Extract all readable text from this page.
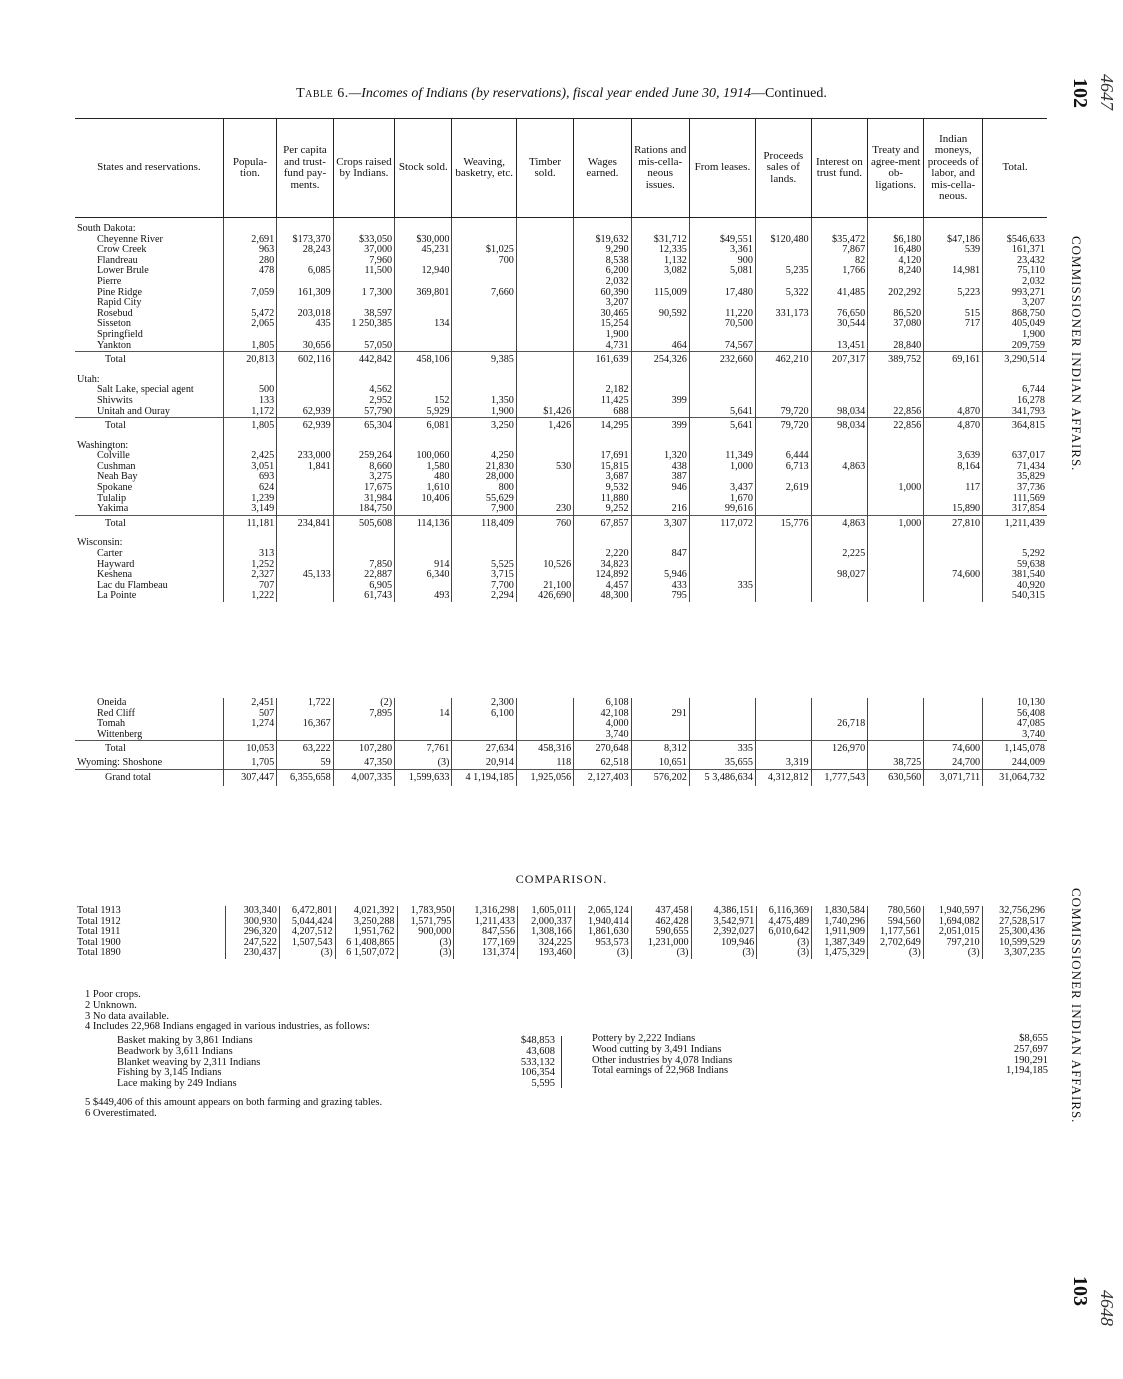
Table 6.—Incomes of Indians (by reservations), fiscal year ended June 30, 1914—Continued.	102
103
COMMISSIONER INDIAN AFFAIRS.
COMMISSIONER INDIAN AFFAIRS.
4647
4648
States and reservations.	Popula-tion.	Per capita and trust-fund pay-ments.	Crops raised by Indians.	Stock sold.	Weaving, basketry, etc.	Timber sold.	Wages earned.	Rations and mis-cella-neous issues.	From leases.	Proceeds sales of lands.	Interest on trust fund.	Treaty and agree-ment ob-ligations.	Indian moneys, proceeds of labor, and mis-cella-neous.	Total.
South Dakota:														
Cheyenne River	2,691	$173,370	$33,050	$30,000			$19,632	$31,712	$49,551	$120,480	$35,472	$6,180	$47,186	$546,633
Crow Creek	963	28,243	37,000	45,231	$1,025		9,290	12,335	3,361		7,867	16,480	539	161,371
Flandreau	280		7,960		700		8,538	1,132	900		82	4,120		23,432
Lower Brule	478	6,085	11,500	12,940			6,200	3,082	5,081	5,235	1,766	8,240	14,981	75,110
Pierre							2,032							2,032
Pine Ridge	7,059	161,309	1 7,300	369,801	7,660		60,390	115,009	17,480	5,322	41,485	202,292	5,223	993,271
Rapid City							3,207							3,207
Rosebud	5,472	203,018	38,597				30,465	90,592	11,220	331,173	76,650	86,520	515	868,750
Sisseton	2,065	435	1 250,385	134			15,254		70,500		30,544	37,080	717	405,049
Springfield							1,900							1,900
Yankton	1,805	30,656	57,050				4,731	464	74,567		13,451	28,840		209,759
Total	20,813	602,116	442,842	458,106	9,385		161,639	254,326	232,660	462,210	207,317	389,752	69,161	3,290,514
Utah:														
Salt Lake, special agent	500		4,562				2,182							6,744
Shivwits	133		2,952	152	1,350		11,425	399						16,278
Unitah and Ouray	1,172	62,939	57,790	5,929	1,900	$1,426	688		5,641	79,720	98,034	22,856	4,870	341,793
Total	1,805	62,939	65,304	6,081	3,250	1,426	14,295	399	5,641	79,720	98,034	22,856	4,870	364,815
Washington:														
Colville	2,425	233,000	259,264	100,060	4,250		17,691	1,320	11,349	6,444			3,639	637,017
Cushman	3,051	1,841	8,660	1,580	21,830	530	15,815	438	1,000	6,713	4,863		8,164	71,434
Neah Bay	693		3,275	480	28,000		3,687	387						35,829
Spokane	624		17,675	1,610	800		9,532	946	3,437	2,619		1,000	117	37,736
Tulalip	1,239		31,984	10,406	55,629		11,880		1,670					111,569
Yakima	3,149		184,750		7,900	230	9,252	216	99,616				15,890	317,854
Total	11,181	234,841	505,608	114,136	118,409	760	67,857	3,307	117,072	15,776	4,863	1,000	27,810	1,211,439
Wisconsin:														
Carter	313						2,220	847			2,225			5,292
Hayward	1,252		7,850	914	5,525	10,526	34,823							59,638
Keshena	2,327	45,133	22,887	6,340	3,715		124,892	5,946			98,027		74,600	381,540
Lac du Flambeau	707		6,905		7,700	21,100	4,457	433	335					40,920
La Pointe	1,222		61,743	493	2,294	426,690	48,300	795						540,315

Oneida	2,451	1,722	(2)		2,300		6,108							10,130
Red Cliff	507		7,895	14	6,100		42,108	291						56,408
Tomah	1,274	16,367					4,000				26,718			47,085
Wittenberg							3,740							3,740
Total	10,053	63,222	107,280	7,761	27,634	458,316	270,648	8,312	335		126,970		74,600	1,145,078
Wyoming: Shoshone	1,705	59	47,350	(3)	20,914	118	62,518	10,651	35,655	3,319		38,725	24,700	244,009
Grand total	307,447	6,355,658	4,007,335	1,599,633	4 1,194,185	1,925,056	2,127,403	576,202	5 3,486,634	4,312,812	1,777,543	630,560	3,071,711	31,064,732
COMPARISON.

Total 1913	303,340	6,472,801	4,021,392	1,783,950	1,316,298	1,605,011	2,065,124	437,458	4,386,151	6,116,369	1,830,584	780,560	1,940,597	32,756,296
Total 1912	300,930	5,044,424	3,250,288	1,571,795	1,211,433	2,000,337	1,940,414	462,428	3,542,971	4,475,489	1,740,296	594,560	1,694,082	27,528,517
Total 1911	296,320	4,207,512	1,951,762	900,000	847,556	1,308,166	1,861,630	590,655	2,392,027	6,010,642	1,911,909	1,177,561	2,051,015	25,300,436
Total 1900	247,522	1,507,543	6 1,408,865	(3)	177,169	324,225	953,573	1,231,000	109,946	(3)	1,387,349	2,702,649	797,210	10,599,529
Total 1890	230,437	(3)	6 1,507,072	(3)	131,374	193,460	(3)	(3)	(3)	(3)	1,475,329	(3)	(3)	3,307,235
1 Poor crops.
2 Unknown.
3 No data available.
4 Includes 22,968 Indians engaged in various industries, as follows:
Basket making by 3,861 Indians	$48,853
Beadwork by 3,611 Indians	43,608
Blanket weaving by 2,311 Indians	533,132
Fishing by 3,145 Indians	106,354
Lace making by 249 Indians	5,595
Pottery by 2,222 Indians	$8,655
Wood cutting by 3,491 Indians	257,697
Other industries by 4,078 Indians	190,291

Total earnings of 22,968 Indians	1,194,185
5 $449,406 of this amount appears on both farming and grazing tables.
6 Overestimated.
